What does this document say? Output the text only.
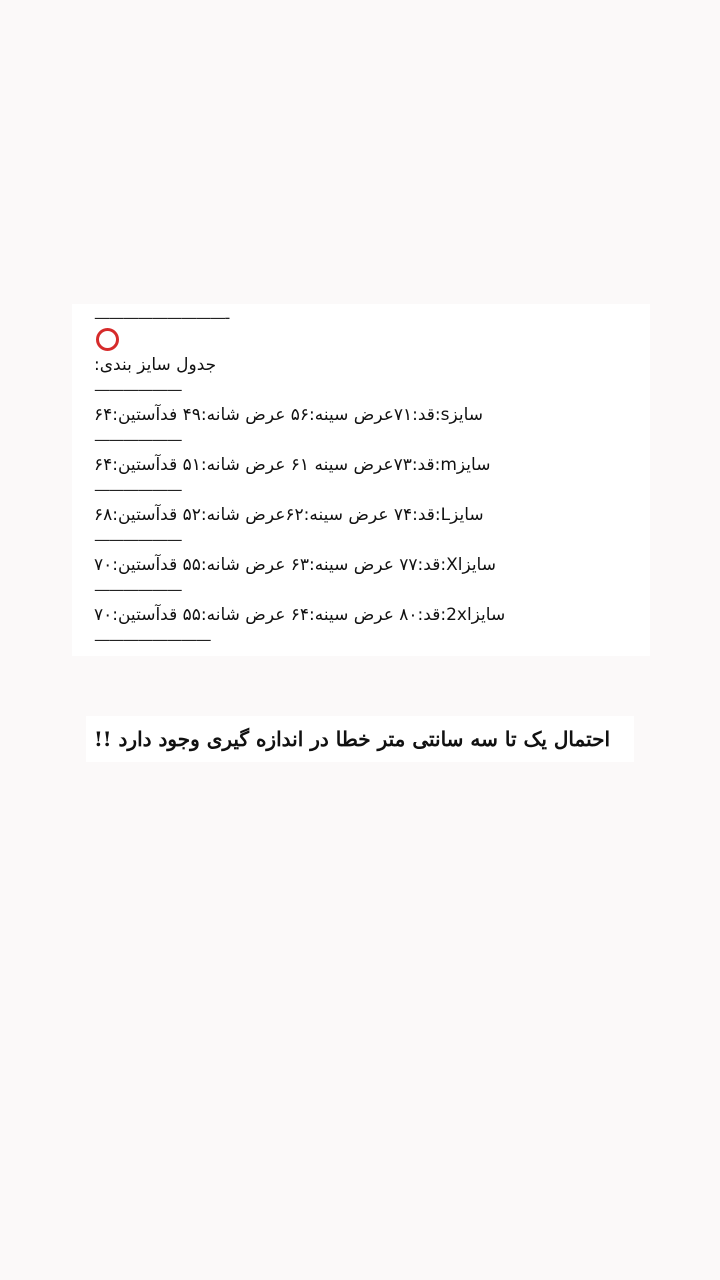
—————————-
جدول سایز بندی:
——————
سایزs:قد:۷۱عرض سینه:۵۶ عرض شانه:۴۹ فدآستین:۶۴
——————
سایزm:قد:۷۳عرض سینه ۶۱ عرض شانه:۵۱ قدآستین:۶۴
——————
سایزL:قد:۷۴ عرض سینه:۶۲عرض شانه:۵۲ قدآستین:۶۸
——————
سایزXl:قد:۷۷ عرض سینه:۶۳ عرض شانه:۵۵ قدآستین:۷۰
——————
سایز2xl:قد:۸۰ عرض سینه:۶۴ عرض شانه:۵۵ قدآستین:۷۰
————————
احتمال یک تا سه سانتی متر خطا در اندازه گیری وجود دارد !!
